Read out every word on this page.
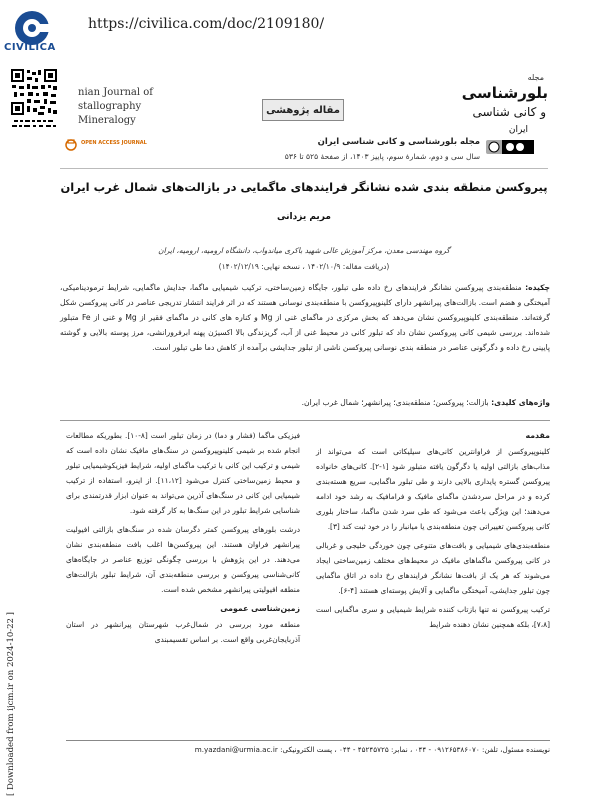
CIVILICA
https://civilica.com/doc/2109180/
nian Journal of
stallography
Mineralogy
OPEN ACCESS JOURNAL
مجله
بلورشناسی
و کانی شناسی
ایران
مقاله پژوهشی
مجله بلورشناسی و کانی شناسی ایران
سال سی و دوم، شمارهٔ سوم، پاییز ۱۴۰۳، از صفحهٔ ۵۲۵ تا ۵۳۶
پیروکسن منطقه بندی شده نشانگر فرایندهای ماگمایی در بازالت‌های شمال غرب ایران
مریم یزدانی
گروه مهندسی معدن، مرکز آموزش عالی شهید باکری میاندواب، دانشگاه ارومیه، ارومیه، ایران
(دریافت مقاله: ۱۴۰۲/۱۰/۹ ، نسخه نهایی: ۱۴۰۲/۱۲/۱۹)
چکیده: منطقه‌بندی پیروکسن نشانگر فرایندهای رخ داده طی تبلور، جایگاه زمین‌ساختی، ترکیب شیمیایی ماگما، جدایش ماگمایی، شرایط ترمودینامیکی، آمیختگی و هضم است. بازالت‌های پیرانشهر دارای کلینوپیروکسن با منطقه‌بندی نوسانی هستند که در اثر فرایند انتشار تدریجی عناصر در کانی پیروکسن شکل گرفته‌اند. منطقه‌بندی کلینوپیروکسن نشان می‌دهد که بخش مرکزی در ماگمای غنی از Mg و کناره های کانی در ماگمای فقیر از Mg و غنی از Fe متبلور شده‌اند. بررسی شیمی کانی پیروکسن نشان داد که تبلور کانی در محیط غنی از آب، گریزندگی بالا اکسیژن پهنه ابرفرورانشی، مرز پوسته بالایی و گوشته پایینی رخ داده و دگرگونی عناصر در منطقه بندی نوسانی پیروکسن ناشی از تبلور جدایشی برآمده از کاهش دما طی تبلور است.
واژه‌های کلیدی: بازالت؛ پیروکسن؛ منطقه‌بندی؛ پیرانشهر؛ شمال غرب ایران.
مقدمه
کلینوپیروکسن از فراوانترین کانی‌های سیلیکاتی است که می‌تواند از مذاب‌های بازالتی اولیه یا دگرگون یافته متبلور شود [۱-۲]. کانی‌های خانواده پیروکسن گستره پایداری بالایی دارند و طی تبلور ماگمایی، سریع هسته‌بندی کرده و در مراحل سردشدن ماگمای مافیک و فرامافیک به رشد خود ادامه می‌دهند؛ این ویژگی باعث می‌شود که طی سرد شدن ماگما، ساختار بلوری کانی پیروکسن تغییراتی چون منطقه‌بندی یا میانبار را در خود ثبت کند [۳].
منطقه‌بندی‌های شیمیایی و بافت‌های متنوعی چون خوردگی خلیجی و غربالی در کانی پیروکسن ماگماهای مافیک در محیط‌های مختلف زمین‌ساختی ایجاد می‌شوند که هر یک از بافت‌ها نشانگر فرایندهای رخ داده در اتاق ماگمایی چون تبلور جدایشی، آمیختگی ماگمایی و آلایش پوسته‌ای هستند [۴-۶].
ترکیب پیروکسن نه تنها بازتاب کننده شرایط شیمیایی و سری ماگمایی است [۷،۸]، بلکه همچنین نشان دهنده شرایط
فیزیکی ماگما (فشار و دما) در زمان تبلور است [۸-۱۰]. بطوریکه مطالعات انجام شده بر شیمی کلینوپیروکسن در سنگ‌های مافیک نشان داده است که شیمی و ترکیب این کانی با ترکیب ماگمای اولیه، شرایط فیزیکوشیمیایی تبلور و محیط زمین‌ساختی کنترل می‌شود [۱۱،۱۲]. از اینرو، استفاده از ترکیب شیمیایی این کانی در سنگ‌های آذرین می‌تواند به عنوان ابزار قدرتمندی برای شناسایی شرایط تبلور در این سنگ‌ها به کار گرفته شود.
درشت بلورهای پیروکسن کمتر دگرسان شده در سنگ‌های بازالتی افیولیت پیرانشهر فراوان هستند. این پیروکسن‌ها اغلب بافت منطقه‌بندی نشان می‌دهند. در این پژوهش با بررسی چگونگی توزیع عناصر در جایگاه‌های کانی‌شناسی پیروکسن و بررسی منطقه‌بندی آن، شرایط تبلور بازالت‌های منطقه افیولیتی پیرانشهر مشخص شده است.
زمین‌شناسی عمومی
منطقه مورد بررسی در شمال‌غرب شهرستان پیرانشهر در استان آذربایجان‌غربی واقع است. بر اساس تقسیمبندی
نویسنده مسئول، تلفن: ۰۹۱۲۶۵۳۸۶۰۷۰ - ۰۴۴ ، نمابر: ۴۵۲۴۵۷۲۵ - ۰۴۴ ، پست الکترونیکی: m.yazdani@urmia.ac.ir
[ Downloaded from ijcm.ir on 2024-10-22 ]
